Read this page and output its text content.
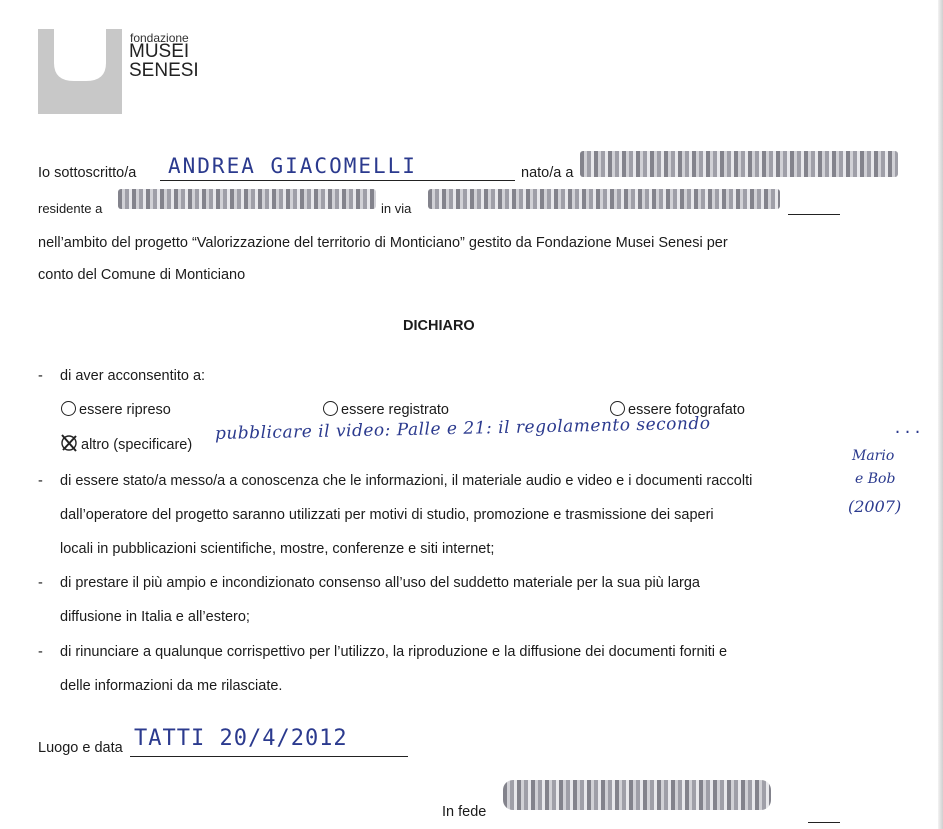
fondazione
MUSEI
SENESI
Io sottoscritto/a ANDREA GIACOMELLI	nato/a a
residente a	in via
nell’ambito del progetto “Valorizzazione del territorio di Monticiano” gestito da Fondazione Musei Senesi per
conto del Comune di Monticiano
DICHIARO
- di aver acconsentito a:
essere ripreso	essere registrato	essere fotografato
altro (specificare)
pubblicare il video: Palle e 21: il regolamento secondo	...
Mario
e Bob
(2007)
- di essere stato/a messo/a a conoscenza che le informazioni, il materiale audio e video e i documenti raccolti
dall’operatore del progetto saranno utilizzati per motivi di studio, promozione e trasmissione dei saperi
locali in pubblicazioni scientifiche, mostre, conferenze e siti internet;
- di prestare il più ampio e incondizionato consenso all’uso del suddetto materiale per la sua più larga
diffusione in Italia e all’estero;
- di rinunciare a qualunque corrispettivo per l’utilizzo, la riproduzione e la diffusione dei documenti forniti e
delle informazioni da me rilasciate.
Luogo e data TATTI 20/4/2012
In fede
